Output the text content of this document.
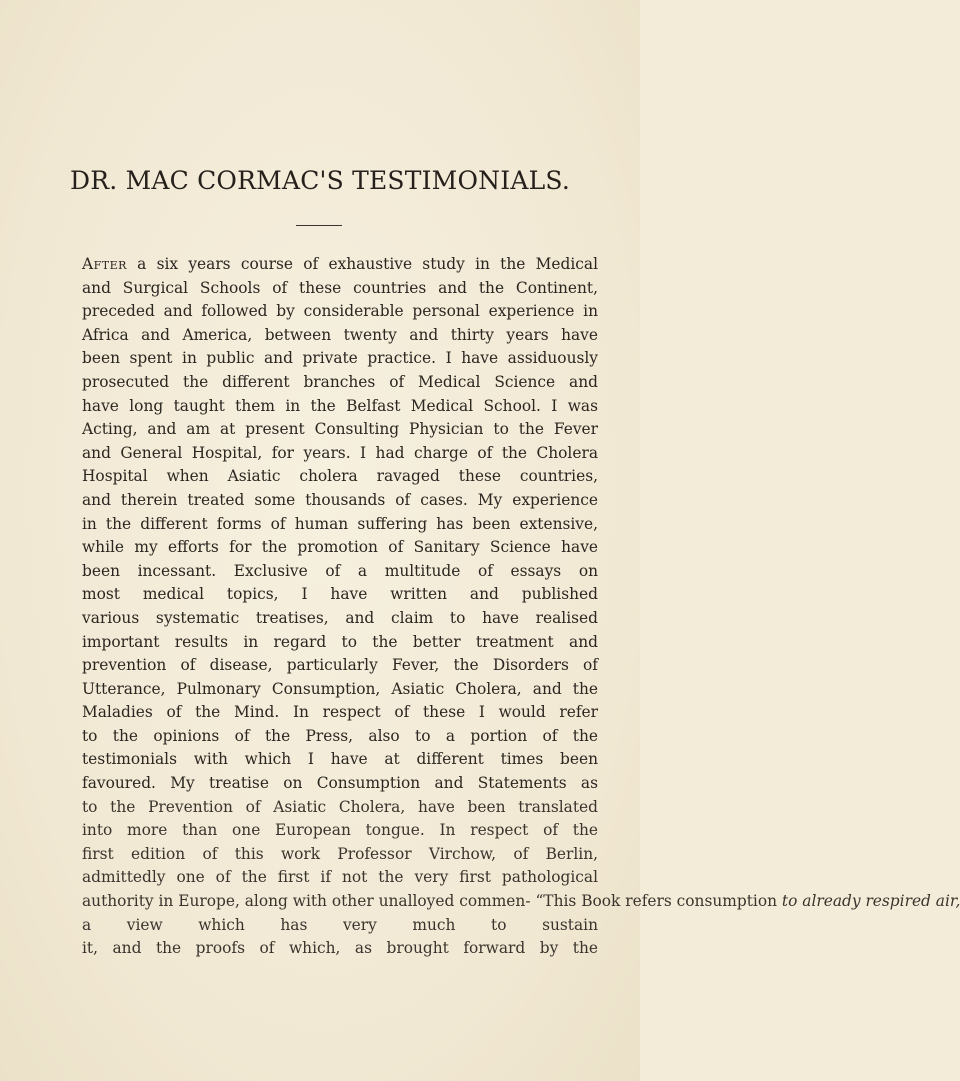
DR. MAC CORMAC'S TESTIMONIALS.
After a six years course of exhaustive study in the Medical
and Surgical Schools of these countries and the Continent,
preceded and followed by considerable personal experience in
Africa and America, between twenty and thirty years have
been spent in public and private practice. I have assiduously
prosecuted the different branches of Medical Science and
have long taught them in the Belfast Medical School. I was
Acting, and am at present Consulting Physician to the Fever
and General Hospital, for years. I had charge of the Cholera
Hospital when Asiatic cholera ravaged these countries,
and therein treated some thousands of cases. My experience
in the different forms of human suffering has been extensive,
while my efforts for the promotion of Sanitary Science have
been incessant. Exclusive of a multitude of essays on
most medical topics, I have written and published
various systematic treatises, and claim to have realised
important results in regard to the better treatment and
prevention of disease, particularly Fever, the Disorders of
Utterance, Pulmonary Consumption, Asiatic Cholera, and the
Maladies of the Mind. In respect of these I would refer
to the opinions of the Press, also to a portion of the
testimonials with which I have at different times been
favoured. My treatise on Consumption and Statements as
to the Prevention of Asiatic Cholera, have been translated
into more than one European tongue. In respect of the
first edition of this work Professor Virchow, of Berlin,
admittedly one of the first if not the very first pathological
authority in Europe, along with other unalloyed commen- “This Book refers consumption to already respired air,
a view which has very much to sustain
it, and the proofs of which, as brought forward by the
